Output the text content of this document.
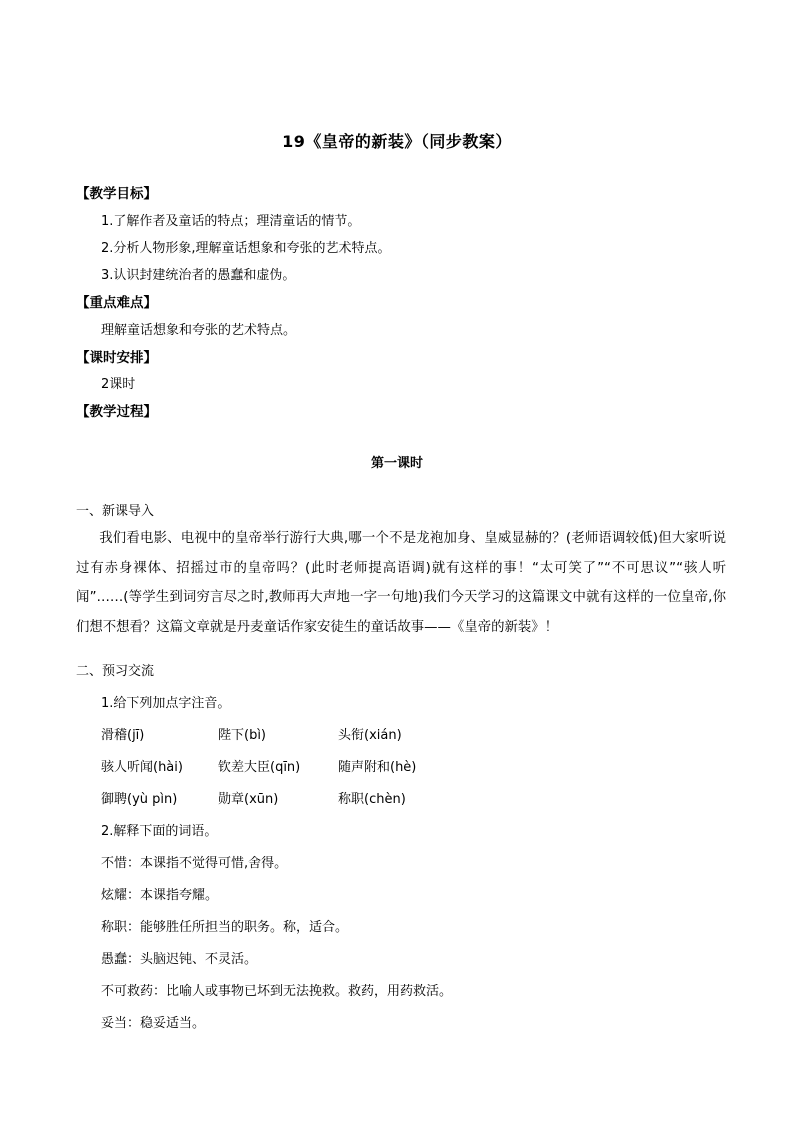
19《皇帝的新装》（同步教案）
【教学目标】
1.了解作者及童话的特点；理清童话的情节。
2.分析人物形象,理解童话想象和夸张的艺术特点。
3.认识封建统治者的愚蠢和虚伪。
【重点难点】
理解童话想象和夸张的艺术特点。
【课时安排】
2课时
【教学过程】
第一课时
一、新课导入
我们看电影、电视中的皇帝举行游行大典,哪一个不是龙袍加身、皇威显赫的？(老师语调较低)但大家听说过有赤身裸体、招摇过市的皇帝吗？(此时老师提高语调)就有这样的事！“太可笑了”“不可思议”“骇人听闻”……(等学生到词穷言尽之时,教师再大声地一字一句地)我们今天学习的这篇课文中就有这样的一位皇帝,你们想不想看？这篇文章就是丹麦童话作家安徒生的童话故事——《皇帝的新装》！
二、预习交流
1.给下列加点字注音。
滑稽(jī)	陛下(bì)	头衔(xián)
骇人听闻(hài)	钦差大臣(qīn)	随声附和(hè)
御聘(yù pìn)	勋章(xūn)	称职(chèn)
2.解释下面的词语。
不惜：本课指不觉得可惜,舍得。
炫耀：本课指夸耀。
称职：能够胜任所担当的职务。称，适合。
愚蠢：头脑迟钝、不灵活。
不可救药：比喻人或事物已坏到无法挽救。救药，用药救活。
妥当：稳妥适当。
